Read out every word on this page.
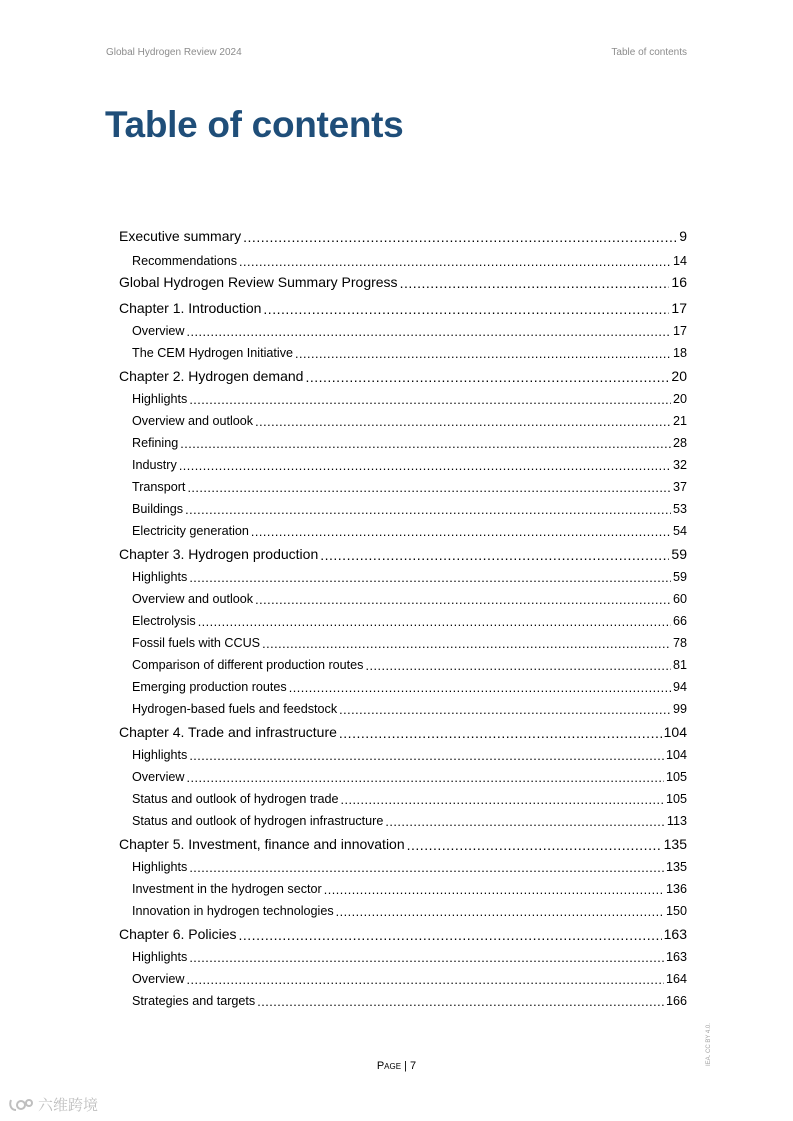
Global Hydrogen Review 2024	Table of contents
Table of contents
Executive summary .....	9
Recommendations .....	14
Global Hydrogen Review Summary Progress .....	16
Chapter 1. Introduction .....	17
Overview .....	17
The CEM Hydrogen Initiative .....	18
Chapter 2. Hydrogen demand .....	20
Highlights .....	20
Overview and outlook .....	21
Refining .....	28
Industry .....	32
Transport .....	37
Buildings .....	53
Electricity generation .....	54
Chapter 3. Hydrogen production .....	59
Highlights .....	59
Overview and outlook .....	60
Electrolysis .....	66
Fossil fuels with CCUS .....	78
Comparison of different production routes .....	81
Emerging production routes .....	94
Hydrogen-based fuels and feedstock .....	99
Chapter 4. Trade and infrastructure .....	104
Highlights .....	104
Overview .....	105
Status and outlook of hydrogen trade .....	105
Status and outlook of hydrogen infrastructure .....	113
Chapter 5. Investment, finance and innovation .....	135
Highlights .....	135
Investment in the hydrogen sector .....	136
Innovation in hydrogen technologies .....	150
Chapter 6. Policies .....	163
Highlights .....	163
Overview .....	164
Strategies and targets .....	166
Page | 7	IEA. CC BY 4.0.
六维跨境
